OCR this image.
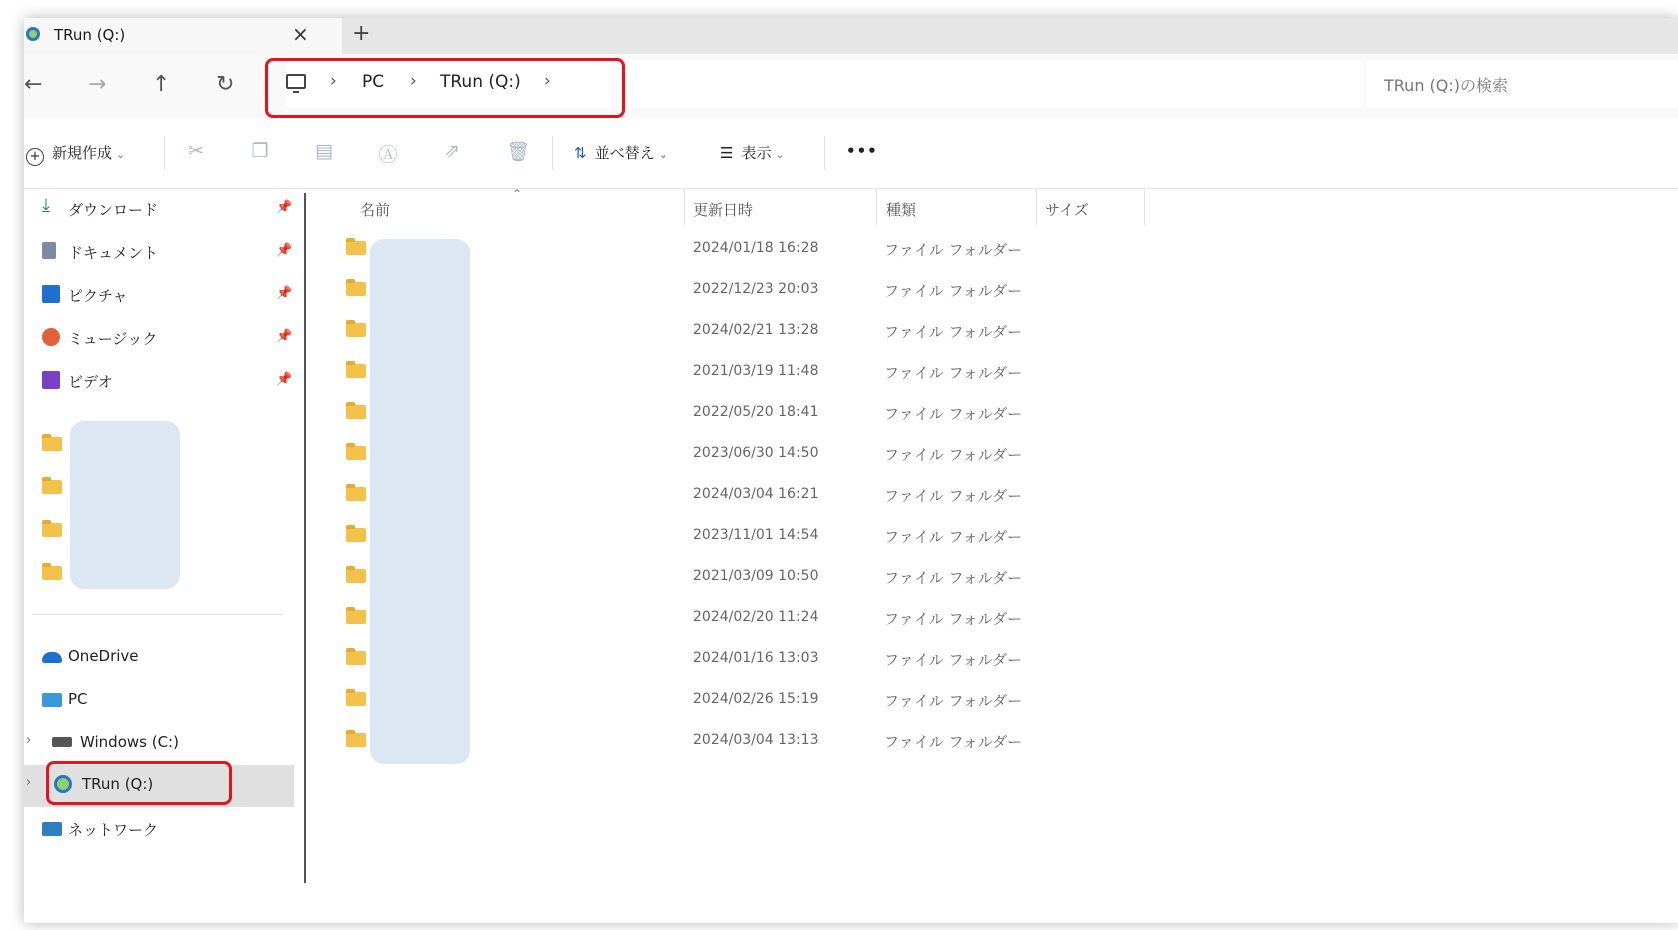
TRun (Q:)	× +
← → ↑ ↻	› PC › TRun (Q:) ›	TRun (Q:)の検索
+ 新規作成 ⌄	✂	❐ ▤ Ⓐ ⇗ 🗑	⇅ 並べ替え ⌄	☰ 表示 ⌄	•••
⤓	ダウンロード	📌
ドキュメント	📌
ピクチャ	📌
ミュージック	📌
ビデオ	📌
OneDrive
PC
›	Windows (C:)
›	TRun (Q:)
ネットワーク
⌃
名前	更新日時	種類	サイズ
2024/01/18 16:28	ファイル フォルダー
2022/12/23 20:03	ファイル フォルダー
2024/02/21 13:28	ファイル フォルダー
2021/03/19 11:48	ファイル フォルダー
2022/05/20 18:41	ファイル フォルダー
2023/06/30 14:50	ファイル フォルダー
2024/03/04 16:21	ファイル フォルダー
2023/11/01 14:54	ファイル フォルダー
2021/03/09 10:50	ファイル フォルダー
2024/02/20 11:24	ファイル フォルダー
2024/01/16 13:03	ファイル フォルダー
2024/02/26 15:19	ファイル フォルダー
2024/03/04 13:13	ファイル フォルダー
